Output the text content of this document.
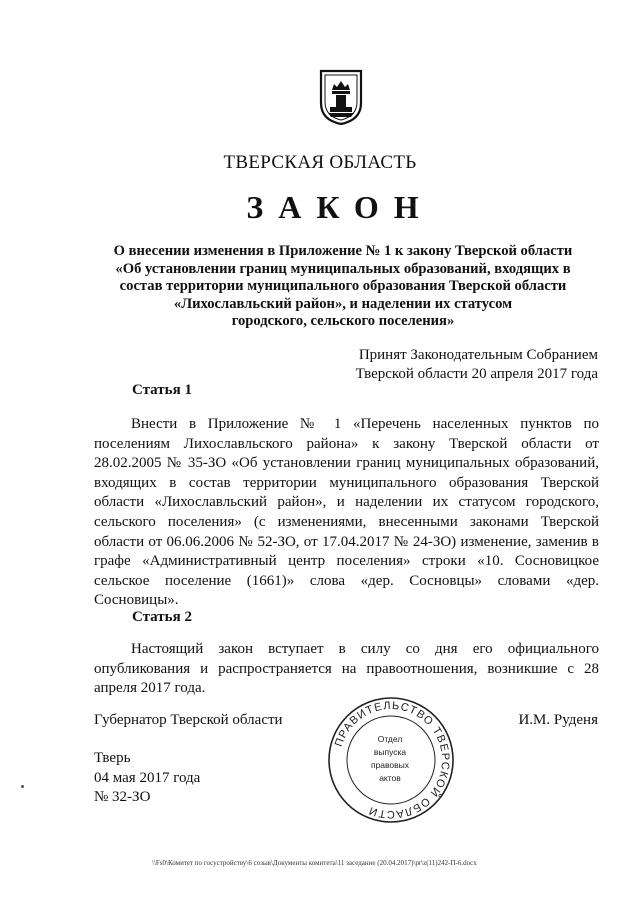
ТВЕРСКАЯ ОБЛАСТЬ
ЗАКОН
О внесении изменения в Приложение № 1 к закону Тверской области
«Об установлении границ муниципальных образований, входящих в
состав территории муниципального образования Тверской области
«Лихославльский район», и наделении их статусом
городского, сельского поселения»
Принят Законодательным Собранием
Тверской области 20 апреля 2017 года
Статья 1
Внести в Приложение № 1 «Перечень населенных пунктов по поселениям Лихославльского района» к закону Тверской области от 28.02.2005 № 35-ЗО «Об установлении границ муниципальных образований, входящих в состав территории муниципального образования Тверской области «Лихославльский район», и наделении их статусом городского, сельского поселения» (с изменениями, внесенными законами Тверской области от 06.06.2006 № 52-ЗО, от 17.04.2017 № 24-ЗО) изменение, заменив в графе «Административный центр поселения» строки «10. Сосновицкое сельское поселение (1661)» слова «дер. Сосновцы» словами «дер. Сосновицы».
Статья 2
Настоящий закон вступает в силу со дня его официального опубликования и распространяется на правоотношения, возникшие с 28 апреля 2017 года.
Губернатор Тверской области	И.М. Руденя
Тверь
04 мая 2017 года
№ 32-ЗО
ПРАВИТЕЛЬСТВО ТВЕРСКОЙ ОБЛАСТИ
Отдел
выпуска
правовых
актов
\\Fs0\Комитет по госустройству\6 созыв\Документы комитета\11 заседание (20.04.2017)\pr\z(11)242-П-6.docx
